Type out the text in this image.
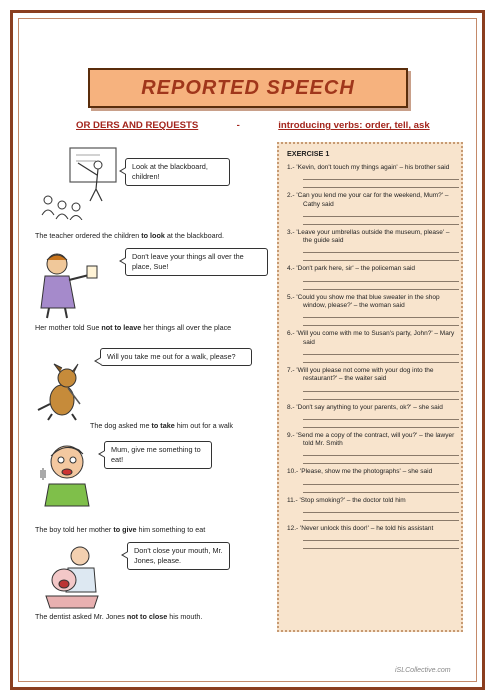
REPORTED SPEECH
OR DERS AND REQUESTS	-	introducing verbs: order, tell, ask
Look at the blackboard, children!
The teacher ordered the children to look at the blackboard.
Don't leave your things all over the place, Sue!
Her mother told Sue not to leave her things all over the place
Will you take me out for a walk, please?
The dog asked me to take him out for a walk
Mum, give me something to eat!
The boy told her mother to give him something to eat
Don't close your mouth, Mr. Jones, please.
The dentist asked Mr. Jones not to close his mouth.
EXERCISE 1
1.- 'Kevin, don't touch my things again' – his brother said
2.- 'Can you lend me your car for the weekend, Mum?' – Cathy said
3.- 'Leave your umbrellas outside the museum, please' – the guide said
4.- 'Don't park here, sir' – the policeman said
5.- 'Could you show me that blue sweater in the shop window, please?' – the woman said
6.- 'Will you come with me to Susan's party, John?' – Mary said
7.- 'Will you please not come with your dog into the restaurant?' – the waiter said
8.- 'Don't say anything to your parents, ok?' – she said
9.- 'Send me a copy of the contract, will you?' – the lawyer told Mr. Smith
10.- 'Please, show me the photographs' – she said
11.- 'Stop smoking?' – the doctor told him
12.- 'Never unlock this door!' – he told his assistant
iSLCollective.com
